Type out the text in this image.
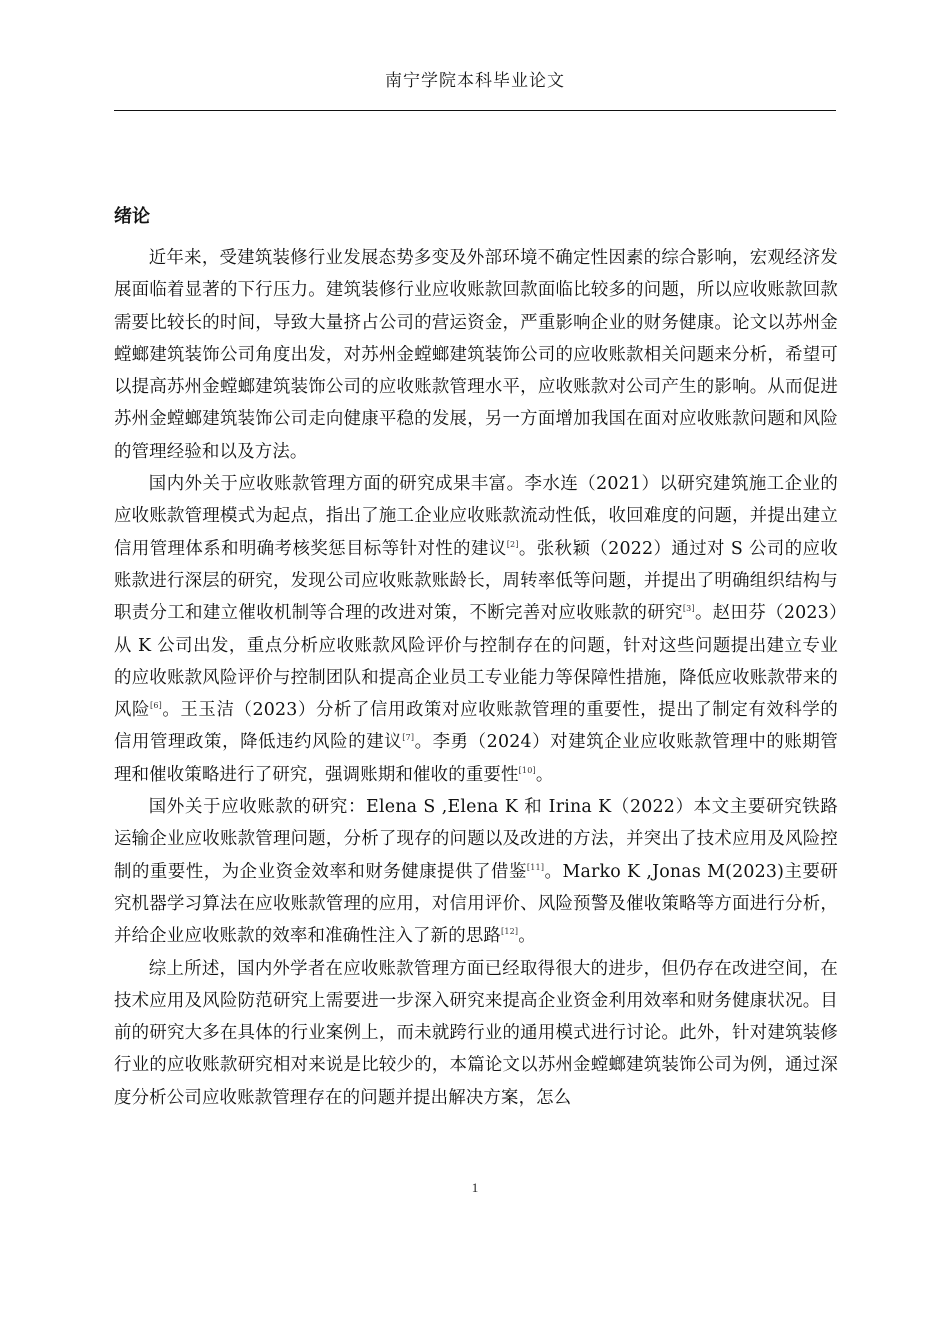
南宁学院本科毕业论文
绪论

近年来，受建筑装修行业发展态势多变及外部环境不确定性因素的综合影响，宏观经济发展面临着显著的下行压力。建筑装修行业应收账款回款面临比较多的问题，所以应收账款回款需要比较长的时间，导致大量挤占公司的营运资金，严重影响企业的财务健康。论文以苏州金螳螂建筑装饰公司角度出发，对苏州金螳螂建筑装饰公司的应收账款相关问题来分析，希望可以提高苏州金螳螂建筑装饰公司的应收账款管理水平，应收账款对公司产生的影响。从而促进苏州金螳螂建筑装饰公司走向健康平稳的发展，另一方面增加我国在面对应收账款问题和风险的管理经验和以及方法。

国内外关于应收账款管理方面的研究成果丰富。李水连（2021）以研究建筑施工企业的应收账款管理模式为起点，指出了施工企业应收账款流动性低，收回难度的问题，并提出建立信用管理体系和明确考核奖惩目标等针对性的建议[2]。张秋颖（2022）通过对 S 公司的应收账款进行深层的研究，发现公司应收账款账龄长，周转率低等问题，并提出了明确组织结构与职责分工和建立催收机制等合理的改进对策，不断完善对应收账款的研究[3]。赵田芬（2023）从 K 公司出发，重点分析应收账款风险评价与控制存在的问题，针对这些问题提出建立专业的应收账款风险评价与控制团队和提高企业员工专业能力等保障性措施，降低应收账款带来的风险[6]。王玉洁（2023）分析了信用政策对应收账款管理的重要性，提出了制定有效科学的信用管理政策，降低违约风险的建议[7]。李勇（2024）对建筑企业应收账款管理中的账期管理和催收策略进行了研究，强调账期和催收的重要性[10]。

国外关于应收账款的研究：Elena S ,Elena K 和 Irina K（2022）本文主要研究铁路运输企业应收账款管理问题，分析了现存的问题以及改进的方法，并突出了技术应用及风险控制的重要性，为企业资金效率和财务健康提供了借鉴[11]。Marko K ,Jonas M(2023)主要研究机器学习算法在应收账款管理的应用，对信用评价、风险预警及催收策略等方面进行分析，并给企业应收账款的效率和准确性注入了新的思路[12]。

综上所述，国内外学者在应收账款管理方面已经取得很大的进步，但仍存在改进空间，在技术应用及风险防范研究上需要进一步深入研究来提高企业资金利用效率和财务健康状况。目前的研究大多在具体的行业案例上，而未就跨行业的通用模式进行讨论。此外，针对建筑装修行业的应收账款研究相对来说是比较少的，本篇论文以苏州金螳螂建筑装饰公司为例，通过深度分析公司应收账款管理存在的问题并提出解决方案，怎么

1
